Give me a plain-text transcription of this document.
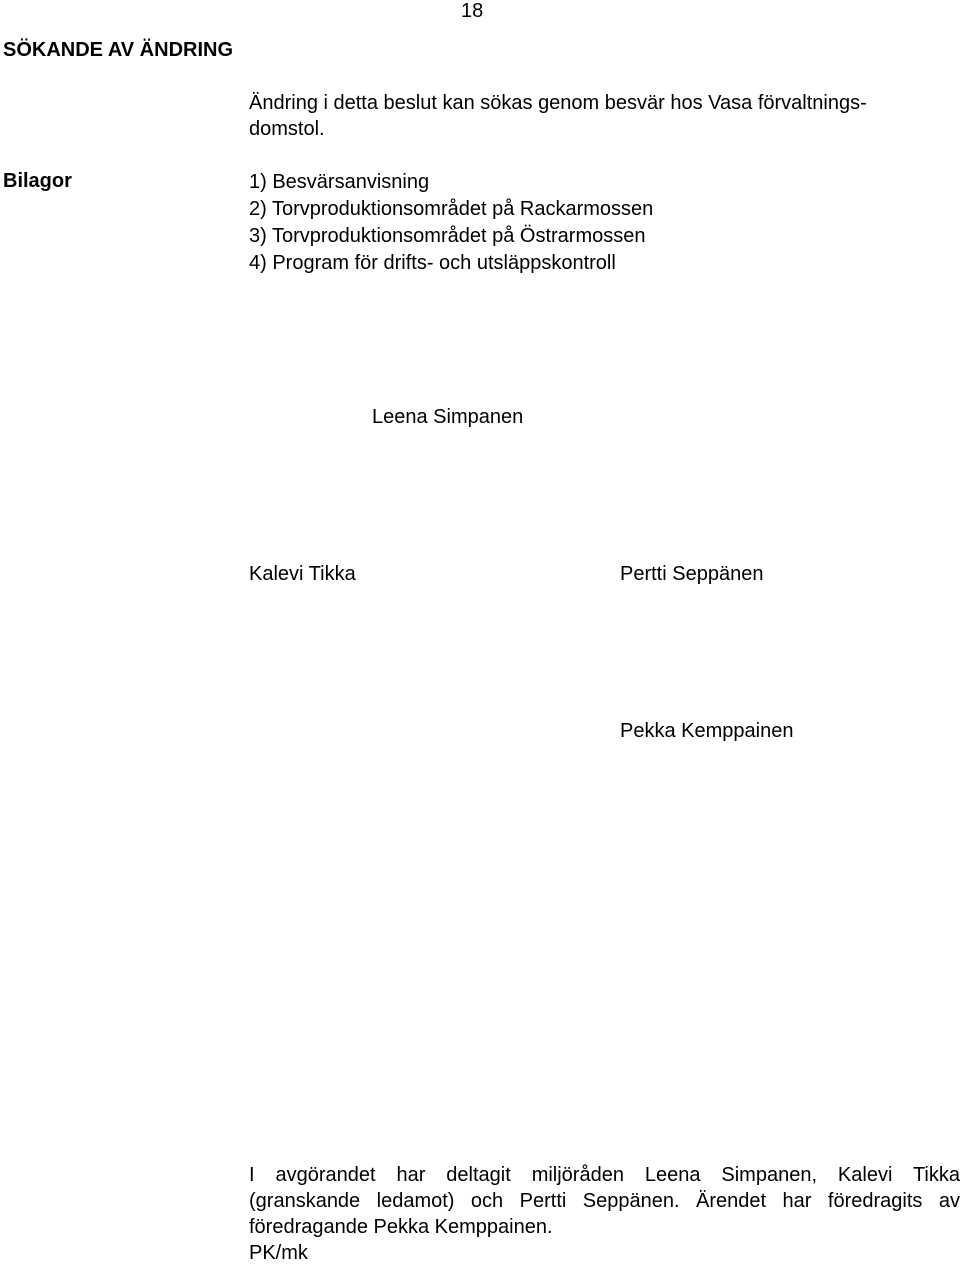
18
SÖKANDE AV ÄNDRING
Ändring i detta beslut kan sökas genom besvär hos Vasa förvaltnings-
domstol.
Bilagor	1) Besvärsanvisning
2) Torvproduktionsområdet på Rackarmossen
3) Torvproduktionsområdet på Östrarmossen
4) Program för drifts- och utsläppskontroll
Leena Simpanen
Kalevi Tikka	Pertti Seppänen
Pekka Kemppainen
I avgörandet har deltagit miljöråden Leena Simpanen, Kalevi Tikka
(granskande ledamot) och Pertti Seppänen. Ärendet har föredragits av
föredragande Pekka Kemppainen.
PK/mk
